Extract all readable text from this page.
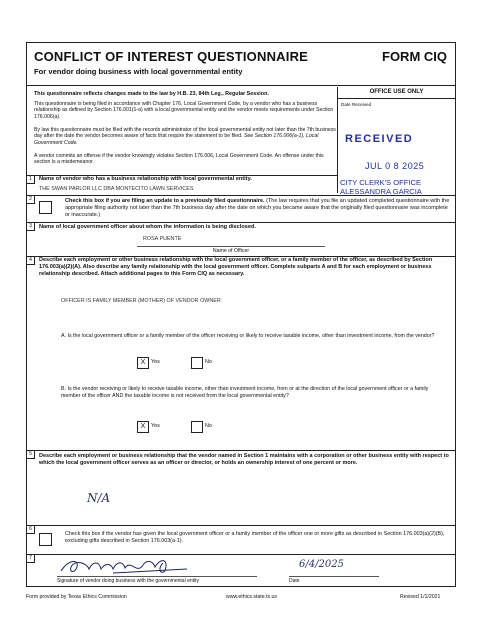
CONFLICT OF INTEREST QUESTIONNAIRE
For vendor doing business with local governmental entity
FORM CIQ
This questionnaire reflects changes made to the law by H.B. 23, 84th Leg., Regular Session.
This questionnaire is being filed in accordance with Chapter 176, Local Government Code, by a vendor who has a business relationship as defined by Section 176.001(1-a) with a local governmental entity and the vendor meets requirements under Section 176.006(a).
By law this questionnaire must be filed with the records administrator of the local governmental entity not later than the 7th business day after the date the vendor becomes aware of facts that require the statement to be filed. See Section 176.006(a-1), Local Government Code.
A vendor commits an offense if the vendor knowingly violates Section 176.006, Local Government Code. An offense under this section is a misdemeanor.
OFFICE USE ONLY
Date Received
RECEIVED
JUL 0 8 2025
CITY CLERK'S OFFICE
ALESSANDRA GARCIA
1	Name of vendor who has a business relationship with local governmental entity.
THE SWAN PARLOR LLC DBA MONTECITO LAWN SERVICES
2	Check this box if you are filing an update to a previously filed questionnaire. (The law requires that you file an updated completed questionnaire with the appropriate filing authority not later than the 7th business day after the date on which you became aware that the originally filed questionnaire was incomplete or inaccurate.)
3	Name of local government officer about whom the information is being disclosed.
ROSA PUENTE
Name of Officer
4	Describe each employment or other business relationship with the local government officer, or a family member of the officer, as described by Section 176.003(a)(2)(A). Also describe any family relationship with the local government officer. Complete subparts A and B for each employment or business relationship described. Attach additional pages to this Form CIQ as necessary.
OFFICER IS FAMILY MEMBER (MOTHER) OF VENDOR OWNER
A. Is the local government officer or a family member of the officer receiving or likely to receive taxable income, other than investment income, from the vendor?
X	Yes	No
B. Is the vendor receiving or likely to receive taxable income, other than investment income, from or at the direction of the local government officer or a family member of the officer AND the taxable income is not received from the local governmental entity?
X	Yes	No
5	Describe each employment or business relationship that the vendor named in Section 1 maintains with a corporation or other business entity with respect to which the local government officer serves as an officer or director, or holds an ownership interest of one percent or more.
N/A
6
Check this box if the vendor has given the local government officer or a family member of the officer one or more gifts as described in Section 176.003(a)(2)(B), excluding gifts described in Section 176.003(a-1).
7
Signature of vendor doing business with the governmental entity
6/4/2025
Date
Form provided by Texas Ethics Commission	www.ethics.state.tx.us	Revised 1/1/2021
